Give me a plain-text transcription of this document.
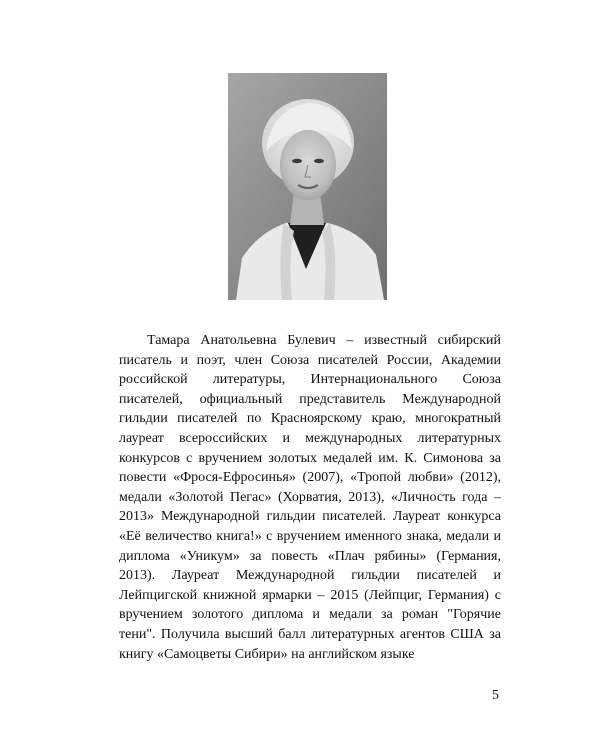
Тамара Анатольевна Булевич – известный сибирский писатель и поэт, член Союза писателей России, Академии российской литературы, Интернационального Союза писателей, официальный представитель Международной гильдии писателей по Красноярскому краю, многократный лауреат всероссийских и международных литературных конкурсов с вручением золотых медалей им. К. Симонова за повести «Фрося-Ефросинья» (2007), «Тропой любви» (2012), медали «Золотой Пегас» (Хорватия, 2013), «Личность года – 2013» Международной гильдии писателей. Лауреат конкурса «Её величество книга!» с вручением именного знака, медали и диплома «Уникум» за повесть «Плач рябины» (Германия, 2013). Лауреат Международной гильдии писателей и Лейпцигской книжной ярмарки – 2015 (Лейпциг, Германия) с вручением золотого диплома и медали за роман "Горячие тени". Получила высший балл литературных агентов США за книгу «Самоцветы Сибири» на английском языке

5
